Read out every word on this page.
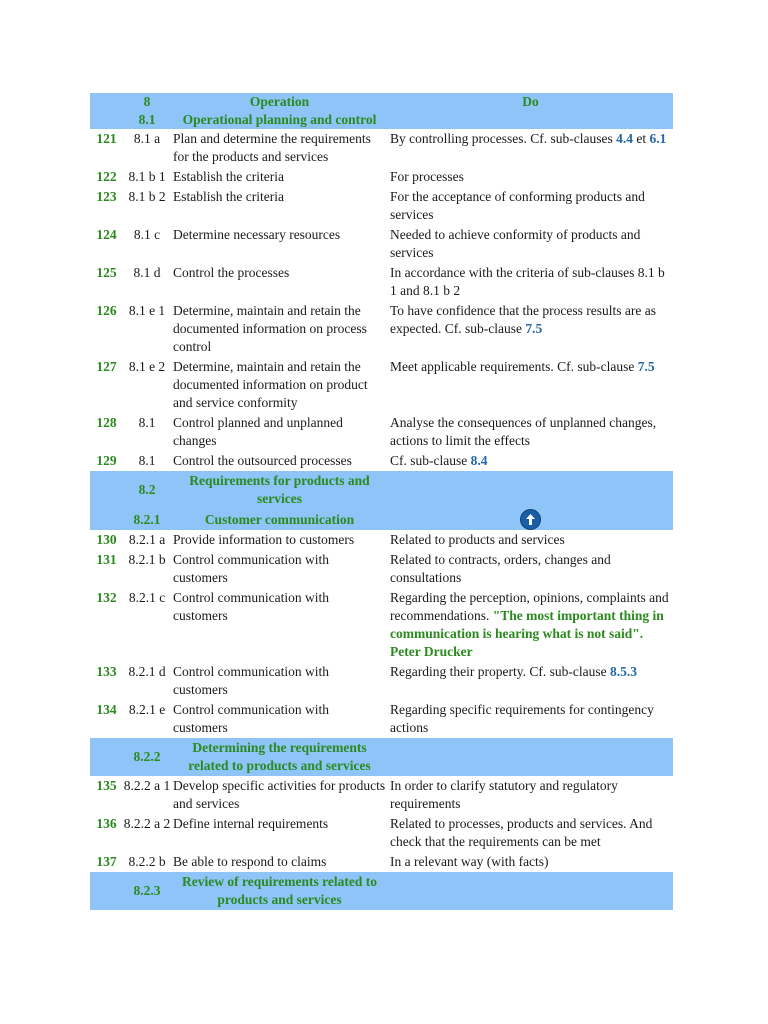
	8	Operation	Do
	8.1	Operational planning and control	
121	8.1 a	Plan and determine the requirements for the products and services	By controlling processes. Cf. sub-clauses 4.4 et 6.1
122	8.1 b 1	Establish the criteria	For processes
123	8.1 b 2	Establish the criteria	For the acceptance of conforming products and services
124	8.1 c	Determine necessary resources	Needed to achieve conformity of products and services
125	8.1 d	Control the processes	In accordance with the criteria of sub-clauses 8.1 b 1 and 8.1 b 2
126	8.1 e 1	Determine, maintain and retain the documented information on process control	To have confidence that the process results are as expected. Cf. sub-clause 7.5
127	8.1 e 2	Determine, maintain and retain the documented information on product and service conformity	Meet applicable requirements. Cf. sub-clause 7.5
128	8.1	Control planned and unplanned changes	Analyse the consequences of unplanned changes, actions to limit the effects
129	8.1	Control the outsourced processes	Cf. sub-clause 8.4
	8.2	Requirements for products and services	
	8.2.1	Customer communication	

130	8.2.1 a	Provide information to customers	Related to products and services
131	8.2.1 b	Control communication with customers	Related to contracts, orders, changes and consultations
132	8.2.1 c	Control communication with customers	Regarding the perception, opinions, complaints and recommendations. "The most important thing in communication is hearing what is not said". Peter Drucker
133	8.2.1 d	Control communication with customers	Regarding their property. Cf. sub-clause 8.5.3
134	8.2.1 e	Control communication with customers	Regarding specific requirements for contingency actions
	8.2.2	Determining the requirements related to products and services	
135	8.2.2 a 1	Develop specific activities for products and services	In order to clarify statutory and regulatory requirements
136	8.2.2 a 2	Define internal requirements	Related to processes, products and services. And check that the requirements can be met
137	8.2.2 b	Be able to respond to claims	In a relevant way (with facts)
	8.2.3	Review of requirements related to products and services	
